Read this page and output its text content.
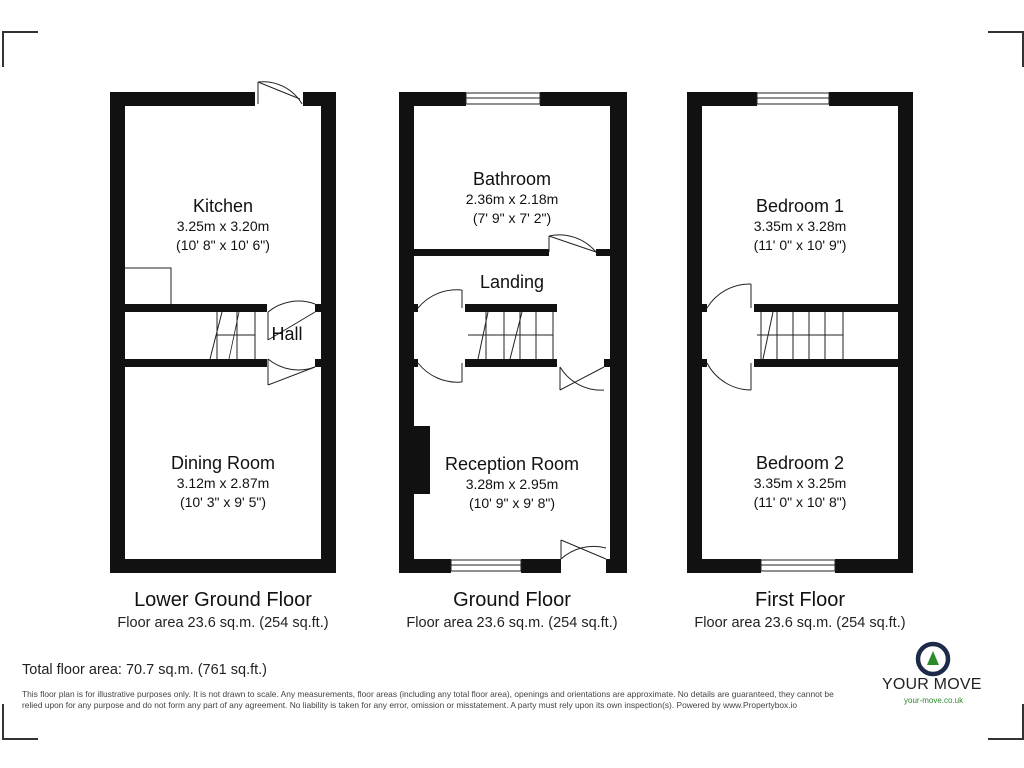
Kitchen
3.25m x 3.20m
(10' 8" x 10' 6")
Hall
Dining Room
3.12m x 2.87m
(10' 3" x 9' 5")
Bathroom
2.36m x 2.18m
(7' 9" x 7' 2")
Landing
Reception Room
3.28m x 2.95m
(10' 9" x 9' 8")
Bedroom 1
3.35m x 3.28m
(11' 0" x 10' 9")
Bedroom 2
3.35m x 3.25m
(11' 0" x 10' 8")
Lower Ground Floor
Floor area 23.6 sq.m. (254 sq.ft.)
Ground Floor
Floor area 23.6 sq.m. (254 sq.ft.)
First Floor
Floor area 23.6 sq.m. (254 sq.ft.)
Total floor area: 70.7 sq.m. (761 sq.ft.)
This floor plan is for illustrative purposes only. It is not drawn to scale. Any measurements, floor areas (including any total floor area), openings and orientations are approximate. No details are guaranteed, they cannot be relied upon for any purpose and do not form any part of any agreement. No liability is taken for any error, omission or misstatement. A party must rely upon its own inspection(s). Powered by www.Propertybox.io
YOUR MOVE
your-move.co.uk
